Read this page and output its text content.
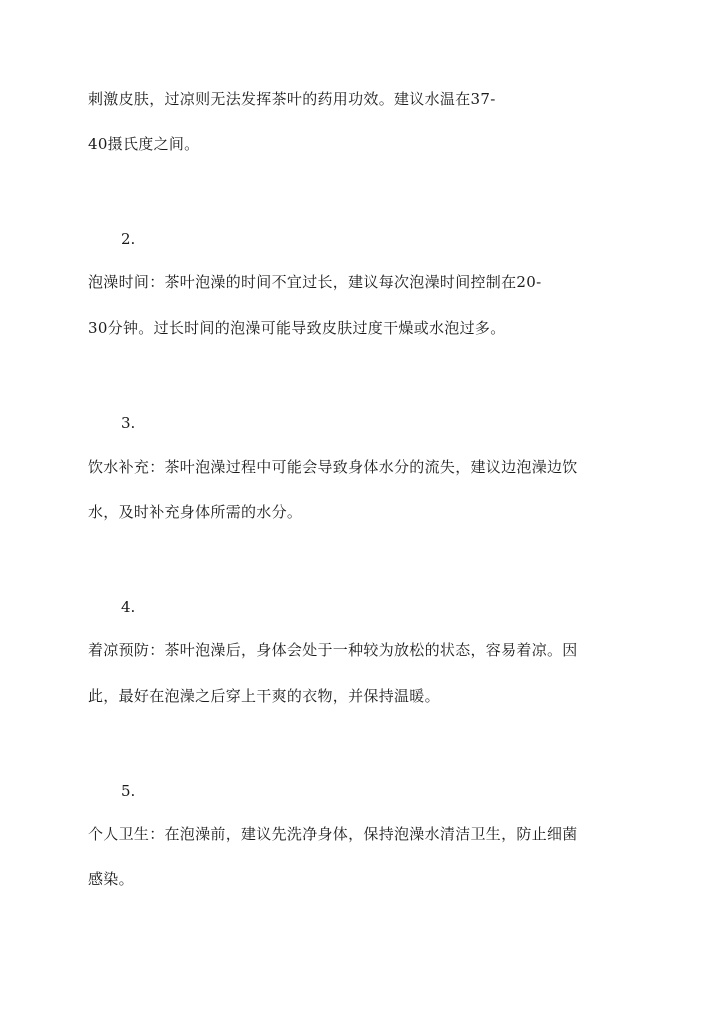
刺激皮肤，过凉则无法发挥茶叶的药用功效。建议水温在37-
40摄氏度之间。
2.
泡澡时间：茶叶泡澡的时间不宜过长，建议每次泡澡时间控制在20-
30分钟。过长时间的泡澡可能导致皮肤过度干燥或水泡过多。
3.
饮水补充：茶叶泡澡过程中可能会导致身体水分的流失，建议边泡澡边饮
水，及时补充身体所需的水分。
4.
着凉预防：茶叶泡澡后，身体会处于一种较为放松的状态，容易着凉。因
此，最好在泡澡之后穿上干爽的衣物，并保持温暖。
5.
个人卫生：在泡澡前，建议先洗净身体，保持泡澡水清洁卫生，防止细菌
感染。
